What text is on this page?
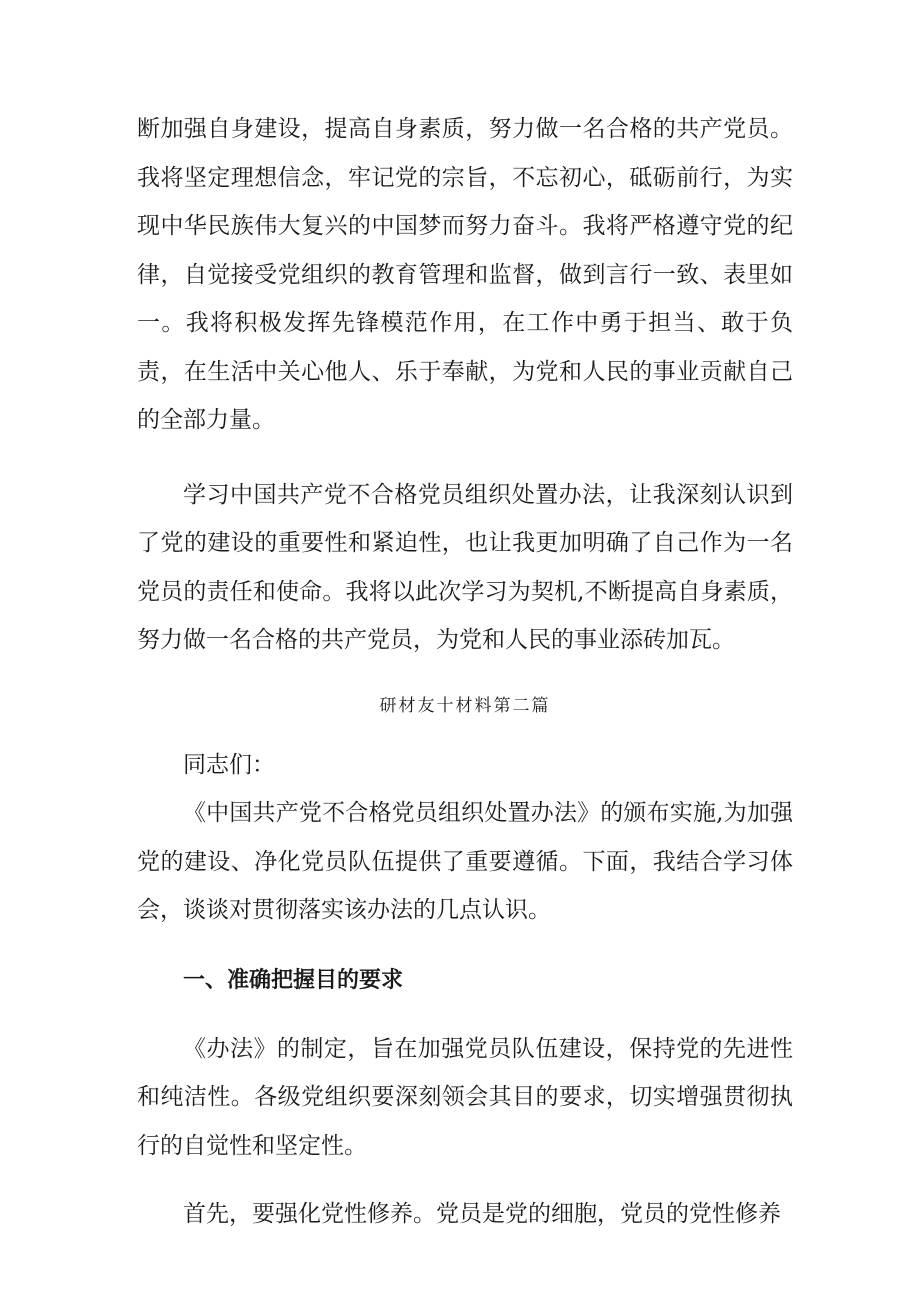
断加强自身建设，提高自身素质，努力做一名合格的共产党员。我将坚定理想信念，牢记党的宗旨，不忘初心，砥砺前行，为实现中华民族伟大复兴的中国梦而努力奋斗。我将严格遵守党的纪律，自觉接受党组织的教育管理和监督，做到言行一致、表里如一。我将积极发挥先锋模范作用，在工作中勇于担当、敢于负责，在生活中关心他人、乐于奉献，为党和人民的事业贡献自己的全部力量。

学习中国共产党不合格党员组织处置办法，让我深刻认识到了党的建设的重要性和紧迫性，也让我更加明确了自己作为一名党员的责任和使命。我将以此次学习为契机,不断提高自身素质，努力做一名合格的共产党员，为党和人民的事业添砖加瓦。

研材友十材料第二篇

同志们：

《中国共产党不合格党员组织处置办法》的颁布实施,为加强党的建设、净化党员队伍提供了重要遵循。下面，我结合学习体会，谈谈对贯彻落实该办法的几点认识。

一、准确把握目的要求

《办法》的制定，旨在加强党员队伍建设，保持党的先进性和纯洁性。各级党组织要深刻领会其目的要求，切实增强贯彻执行的自觉性和坚定性。

首先，要强化党性修养。党员是党的细胞，党员的党性修养
